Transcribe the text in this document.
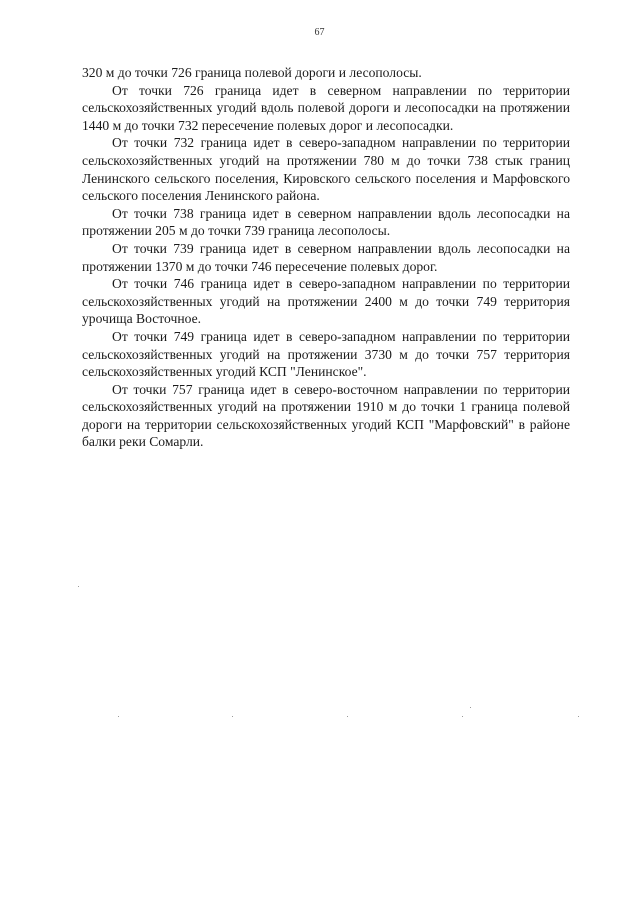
67

320 м до точки 726 граница полевой дороги и лесополосы.

От точки 726 граница идет в северном направлении по территории сельскохозяйственных угодий вдоль полевой дороги и лесопосадки на протяжении 1440 м до точки 732 пересечение полевых дорог и лесопосадки.

От точки 732 граница идет в северо-западном направлении по территории сельскохозяйственных угодий на протяжении 780 м до точки 738 стык границ Ленинского сельского поселения, Кировского сельского поселения и Марфовского сельского поселения Ленинского района.

От точки 738 граница идет в северном направлении вдоль лесопосадки на протяжении 205 м до точки 739 граница лесополосы.

От точки 739 граница идет в северном направлении вдоль лесопосадки на протяжении 1370 м до точки 746 пересечение полевых дорог.

От точки 746 граница идет в северо-западном направлении по территории сельскохозяйственных угодий на протяжении 2400 м до точки 749 территория урочища Восточное.

От точки 749 граница идет в северо-западном направлении по территории сельскохозяйственных угодий на протяжении 3730 м до точки 757 территория сельскохозяйственных угодий КСП "Ленинское".

От точки 757 граница идет в северо-восточном направлении по территории сельскохозяйственных угодий на протяжении 1910 м до точки 1 граница полевой дороги на территории сельскохозяйственных угодий КСП "Марфовский" в районе балки реки Сомарли.
